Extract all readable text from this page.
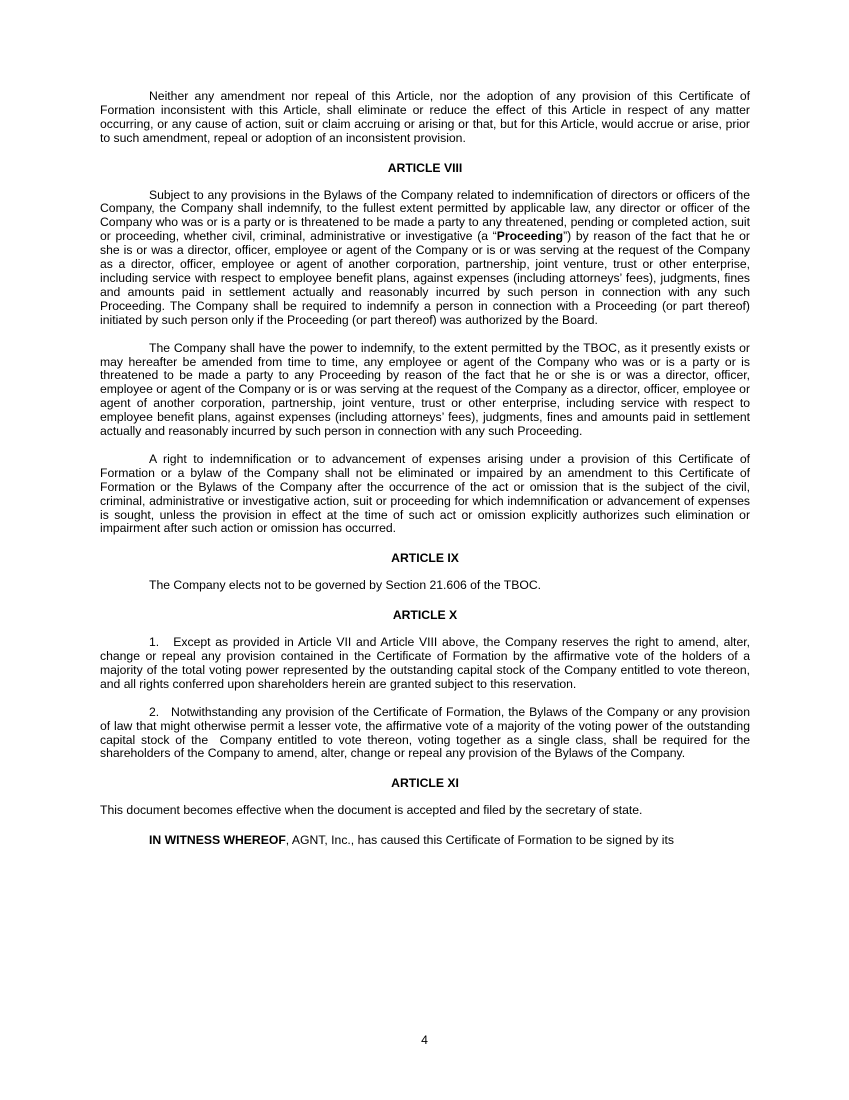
Neither any amendment nor repeal of this Article, nor the adoption of any provision of this Certificate of Formation inconsistent with this Article, shall eliminate or reduce the effect of this Article in respect of any matter occurring, or any cause of action, suit or claim accruing or arising or that, but for this Article, would accrue or arise, prior to such amendment, repeal or adoption of an inconsistent provision.

ARTICLE VIII

Subject to any provisions in the Bylaws of the Company related to indemnification of directors or officers of the Company, the Company shall indemnify, to the fullest extent permitted by applicable law, any director or officer of the Company who was or is a party or is threatened to be made a party to any threatened, pending or completed action, suit or proceeding, whether civil, criminal, administrative or investigative (a “Proceeding”) by reason of the fact that he or she is or was a director, officer, employee or agent of the Company or is or was serving at the request of the Company as a director, officer, employee or agent of another corporation, partnership, joint venture, trust or other enterprise, including service with respect to employee benefit plans, against expenses (including attorneys’ fees), judgments, fines and amounts paid in settlement actually and reasonably incurred by such person in connection with any such Proceeding. The Company shall be required to indemnify a person in connection with a Proceeding (or part thereof) initiated by such person only if the Proceeding (or part thereof) was authorized by the Board.

The Company shall have the power to indemnify, to the extent permitted by the TBOC, as it presently exists or may hereafter be amended from time to time, any employee or agent of the Company who was or is a party or is threatened to be made a party to any Proceeding by reason of the fact that he or she is or was a director, officer, employee or agent of the Company or is or was serving at the request of the Company as a director, officer, employee or agent of another corporation, partnership, joint venture, trust or other enterprise, including service with respect to employee benefit plans, against expenses (including attorneys’ fees), judgments, fines and amounts paid in settlement actually and reasonably incurred by such person in connection with any such Proceeding.

A right to indemnification or to advancement of expenses arising under a provision of this Certificate of Formation or a bylaw of the Company shall not be eliminated or impaired by an amendment to this Certificate of Formation or the Bylaws of the Company after the occurrence of the act or omission that is the subject of the civil, criminal, administrative or investigative action, suit or proceeding for which indemnification or advancement of expenses is sought, unless the provision in effect at the time of such act or omission explicitly authorizes such elimination or impairment after such action or omission has occurred.

ARTICLE IX

The Company elects not to be governed by Section 21.606 of the TBOC.

ARTICLE X

1.   Except as provided in Article VII and Article VIII above, the Company reserves the right to amend, alter, change or repeal any provision contained in the Certificate of Formation by the affirmative vote of the holders of a majority of the total voting power represented by the outstanding capital stock of the Company entitled to vote thereon, and all rights conferred upon shareholders herein are granted subject to this reservation.

2.   Notwithstanding any provision of the Certificate of Formation, the Bylaws of the Company or any provision of law that might otherwise permit a lesser vote, the affirmative vote of a majority of the voting power of the outstanding capital stock of the  Company entitled to vote thereon, voting together as a single class, shall be required for the shareholders of the Company to amend, alter, change or repeal any provision of the Bylaws of the Company.

ARTICLE XI

This document becomes effective when the document is accepted and filed by the secretary of state.

IN WITNESS WHEREOF, AGNT, Inc., has caused this Certificate of Formation to be signed by its

4
